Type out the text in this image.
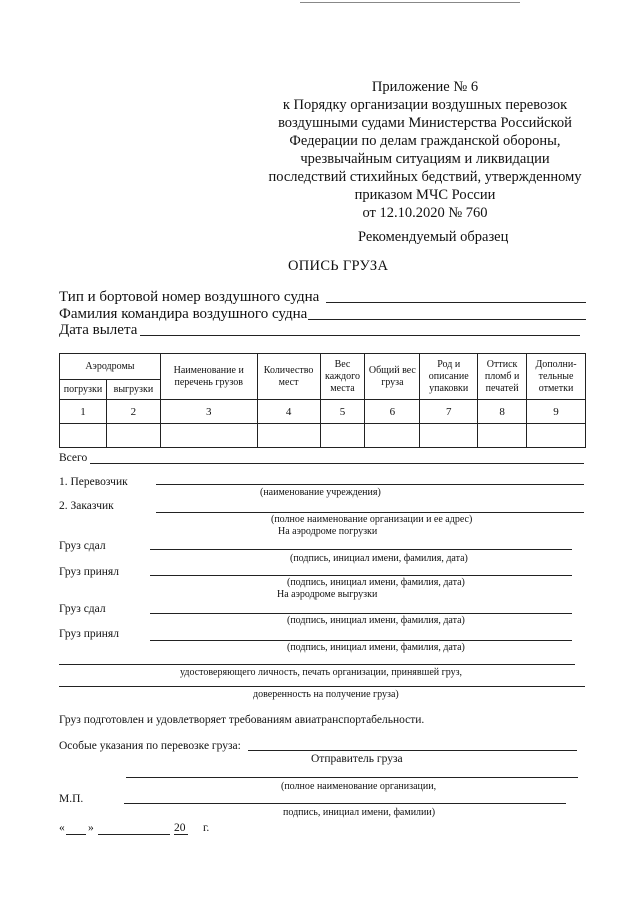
Приложение № 6
к Порядку организации воздушных перевозок
воздушными судами Министерства Российской
Федерации по делам гражданской обороны,
чрезвычайным ситуациям и ликвидации
последствий стихийных бедствий, утвержденному
приказом МЧС России
от 12.10.2020 № 760
Рекомендуемый образец
ОПИСЬ ГРУЗА
Тип и бортовой номер воздушного судна
Фамилия командира воздушного судна
Дата вылета
Аэродромы		Наименование и перечень грузов	Количество мест	Вес каждого места	Общий вес груза	Род и описание упаковки	Оттиск пломб и печатей	Дополни-тельные отметки
погрузки	выгрузки							
1	2	3	4	5	6	7	8	9

Всего
1. Перевозчик
(наименование учреждения)
2. Заказчик
(полное наименование организации и ее адрес)
На аэродроме погрузки
Груз сдал
(подпись, инициал имени, фамилия, дата)
Груз принял
(подпись, инициал имени, фамилия, дата)
На аэродроме выгрузки
Груз сдал
(подпись, инициал имени, фамилия, дата)
Груз принял
(подпись, инициал имени, фамилия, дата)
удостоверяющего личность, печать организации, принявшей груз,
доверенность на получение груза)
Груз подготовлен и удовлетворяет требованиям авиатранспортабельности.
Особые указания по перевозке груза:
Отправитель груза
(полное наименование организации,
М.П.
подпись, инициал имени, фамилии)
« »	20 г.
